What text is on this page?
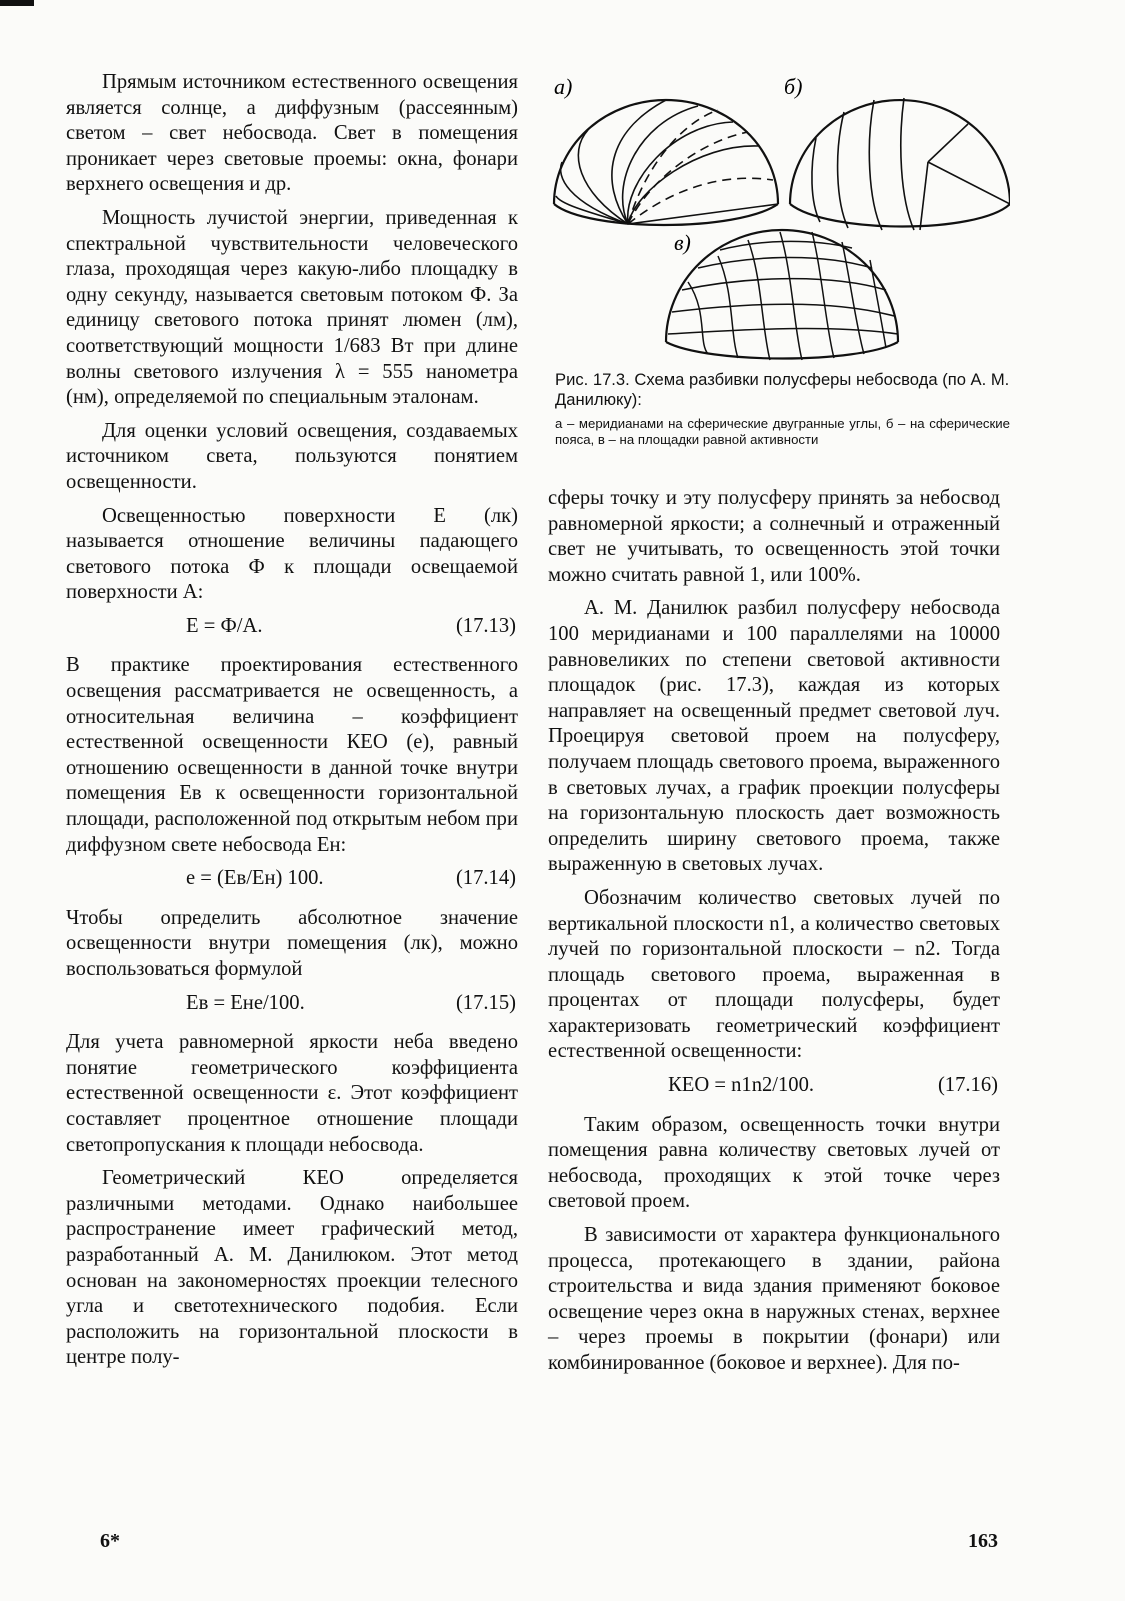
Прямым источником естественного освещения является солнце, а диффузным (рассеянным) светом – свет небосвода. Свет в помещения проникает через световые проемы: окна, фонари верхнего освещения и др.

Мощность лучистой энергии, приведенная к спектральной чувствительности человеческого глаза, проходящая через какую-либо площадку в одну секунду, называется световым потоком Ф. За единицу светового потока принят люмен (лм), соответствующий мощности 1/683 Вт при длине волны светового излучения λ = 555 нанометра (нм), определяемой по специальным эталонам.

Для оценки условий освещения, создаваемых источником света, пользуются понятием освещенности.

Освещенностью поверхности E (лк) называется отношение величины падающего светового потока Ф к площади освещаемой поверхности A:

E = Ф/A.	(17.13)

В практике проектирования естественного освещения рассматривается не освещенность, а относительная величина – коэффициент естественной освещенности КЕО (e), равный отношению освещенности в данной точке внутри помещения Eв к освещенности горизонтальной площади, расположенной под открытым небом при диффузном свете небосвода Eн:

e = (Eв/Eн) 100.	(17.14)

Чтобы определить абсолютное значение освещенности внутри помещения (лк), можно воспользоваться формулой

Eв = Eнe/100.	(17.15)

Для учета равномерной яркости неба введено понятие геометрического коэффициента естественной освещенности ε. Этот коэффициент составляет процентное отношение площади светопропускания к площади небосвода.

Геометрический КЕО определяется различными методами. Однако наибольшее распространение имеет графический метод, разработанный А. М. Данилюком. Этот метод основан на закономерностях проекции телесного угла и светотехнического подобия. Если расположить на горизонтальной плоскости в центре полу-

а)	б)
в)
Рис. 17.3. Схема разбивки полусферы небосвода (по А. М. Данилюку):
а – меридианами на сферические двугранные углы, б – на сферические пояса, в – на площадки равной активности

сферы точку и эту полусферу принять за небосвод равномерной яркости; а солнечный и отраженный свет не учитывать, то освещенность этой точки можно считать равной 1, или 100%.

А. М. Данилюк разбил полусферу небосвода 100 меридианами и 100 параллелями на 10000 равновеликих по степени световой активности площадок (рис. 17.3), каждая из которых направляет на освещенный предмет световой луч. Проецируя световой проем на полусферу, получаем площадь светового проема, выраженного в световых лучах, а график проекции полусферы на горизонтальную плоскость дает возможность определить ширину светового проема, также выраженную в световых лучах.

Обозначим количество световых лучей по вертикальной плоскости n1, а количество световых лучей по горизонтальной плоскости – n2. Тогда площадь светового проема, выраженная в процентах от площади полусферы, будет характеризовать геометрический коэффициент естественной освещенности:

КЕО = n1n2/100.	(17.16)

Таким образом, освещенность точки внутри помещения равна количеству световых лучей от небосвода, проходящих к этой точке через световой проем.

В зависимости от характера функционального процесса, протекающего в здании, района строительства и вида здания применяют боковое освещение через окна в наружных стенах, верхнее – через проемы в покрытии (фонари) или комбинированное (боковое и верхнее). Для по-

6*	163
